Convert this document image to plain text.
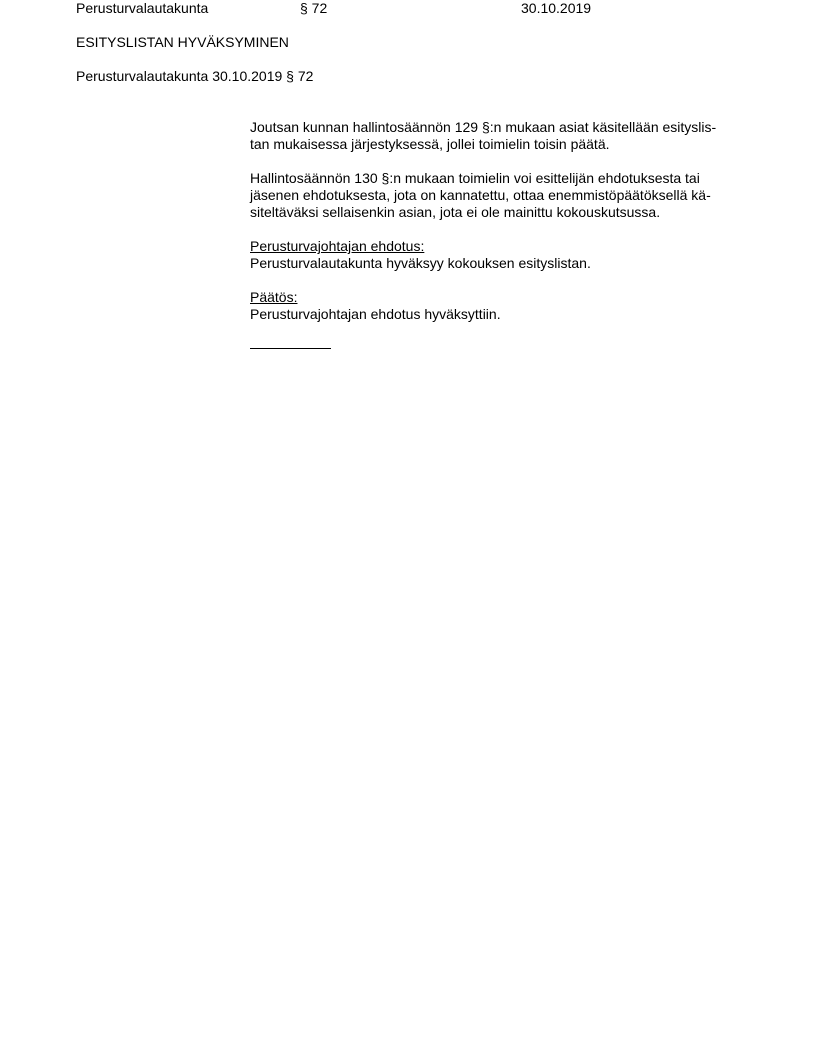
Perusturvalautakunta	§ 72	30.10.2019
ESITYSLISTAN HYVÄKSYMINEN
Perusturvalautakunta 30.10.2019 § 72

Joutsan kunnan hallintosäännön 129 §:n mukaan asiat käsitellään esityslis-
tan mukaisessa järjestyksessä, jollei toimielin toisin päätä.

Hallintosäännön 130 §:n mukaan toimielin voi esittelijän ehdotuksesta tai
jäsenen ehdotuksesta, jota on kannatettu, ottaa enemmistöpäätöksellä kä-
siteltäväksi sellaisenkin asian, jota ei ole mainittu kokouskutsussa.

Perusturvajohtajan ehdotus:
Perusturvalautakunta hyväksyy kokouksen esityslistan.

Päätös:
Perusturvajohtajan ehdotus hyväksyttiin.
